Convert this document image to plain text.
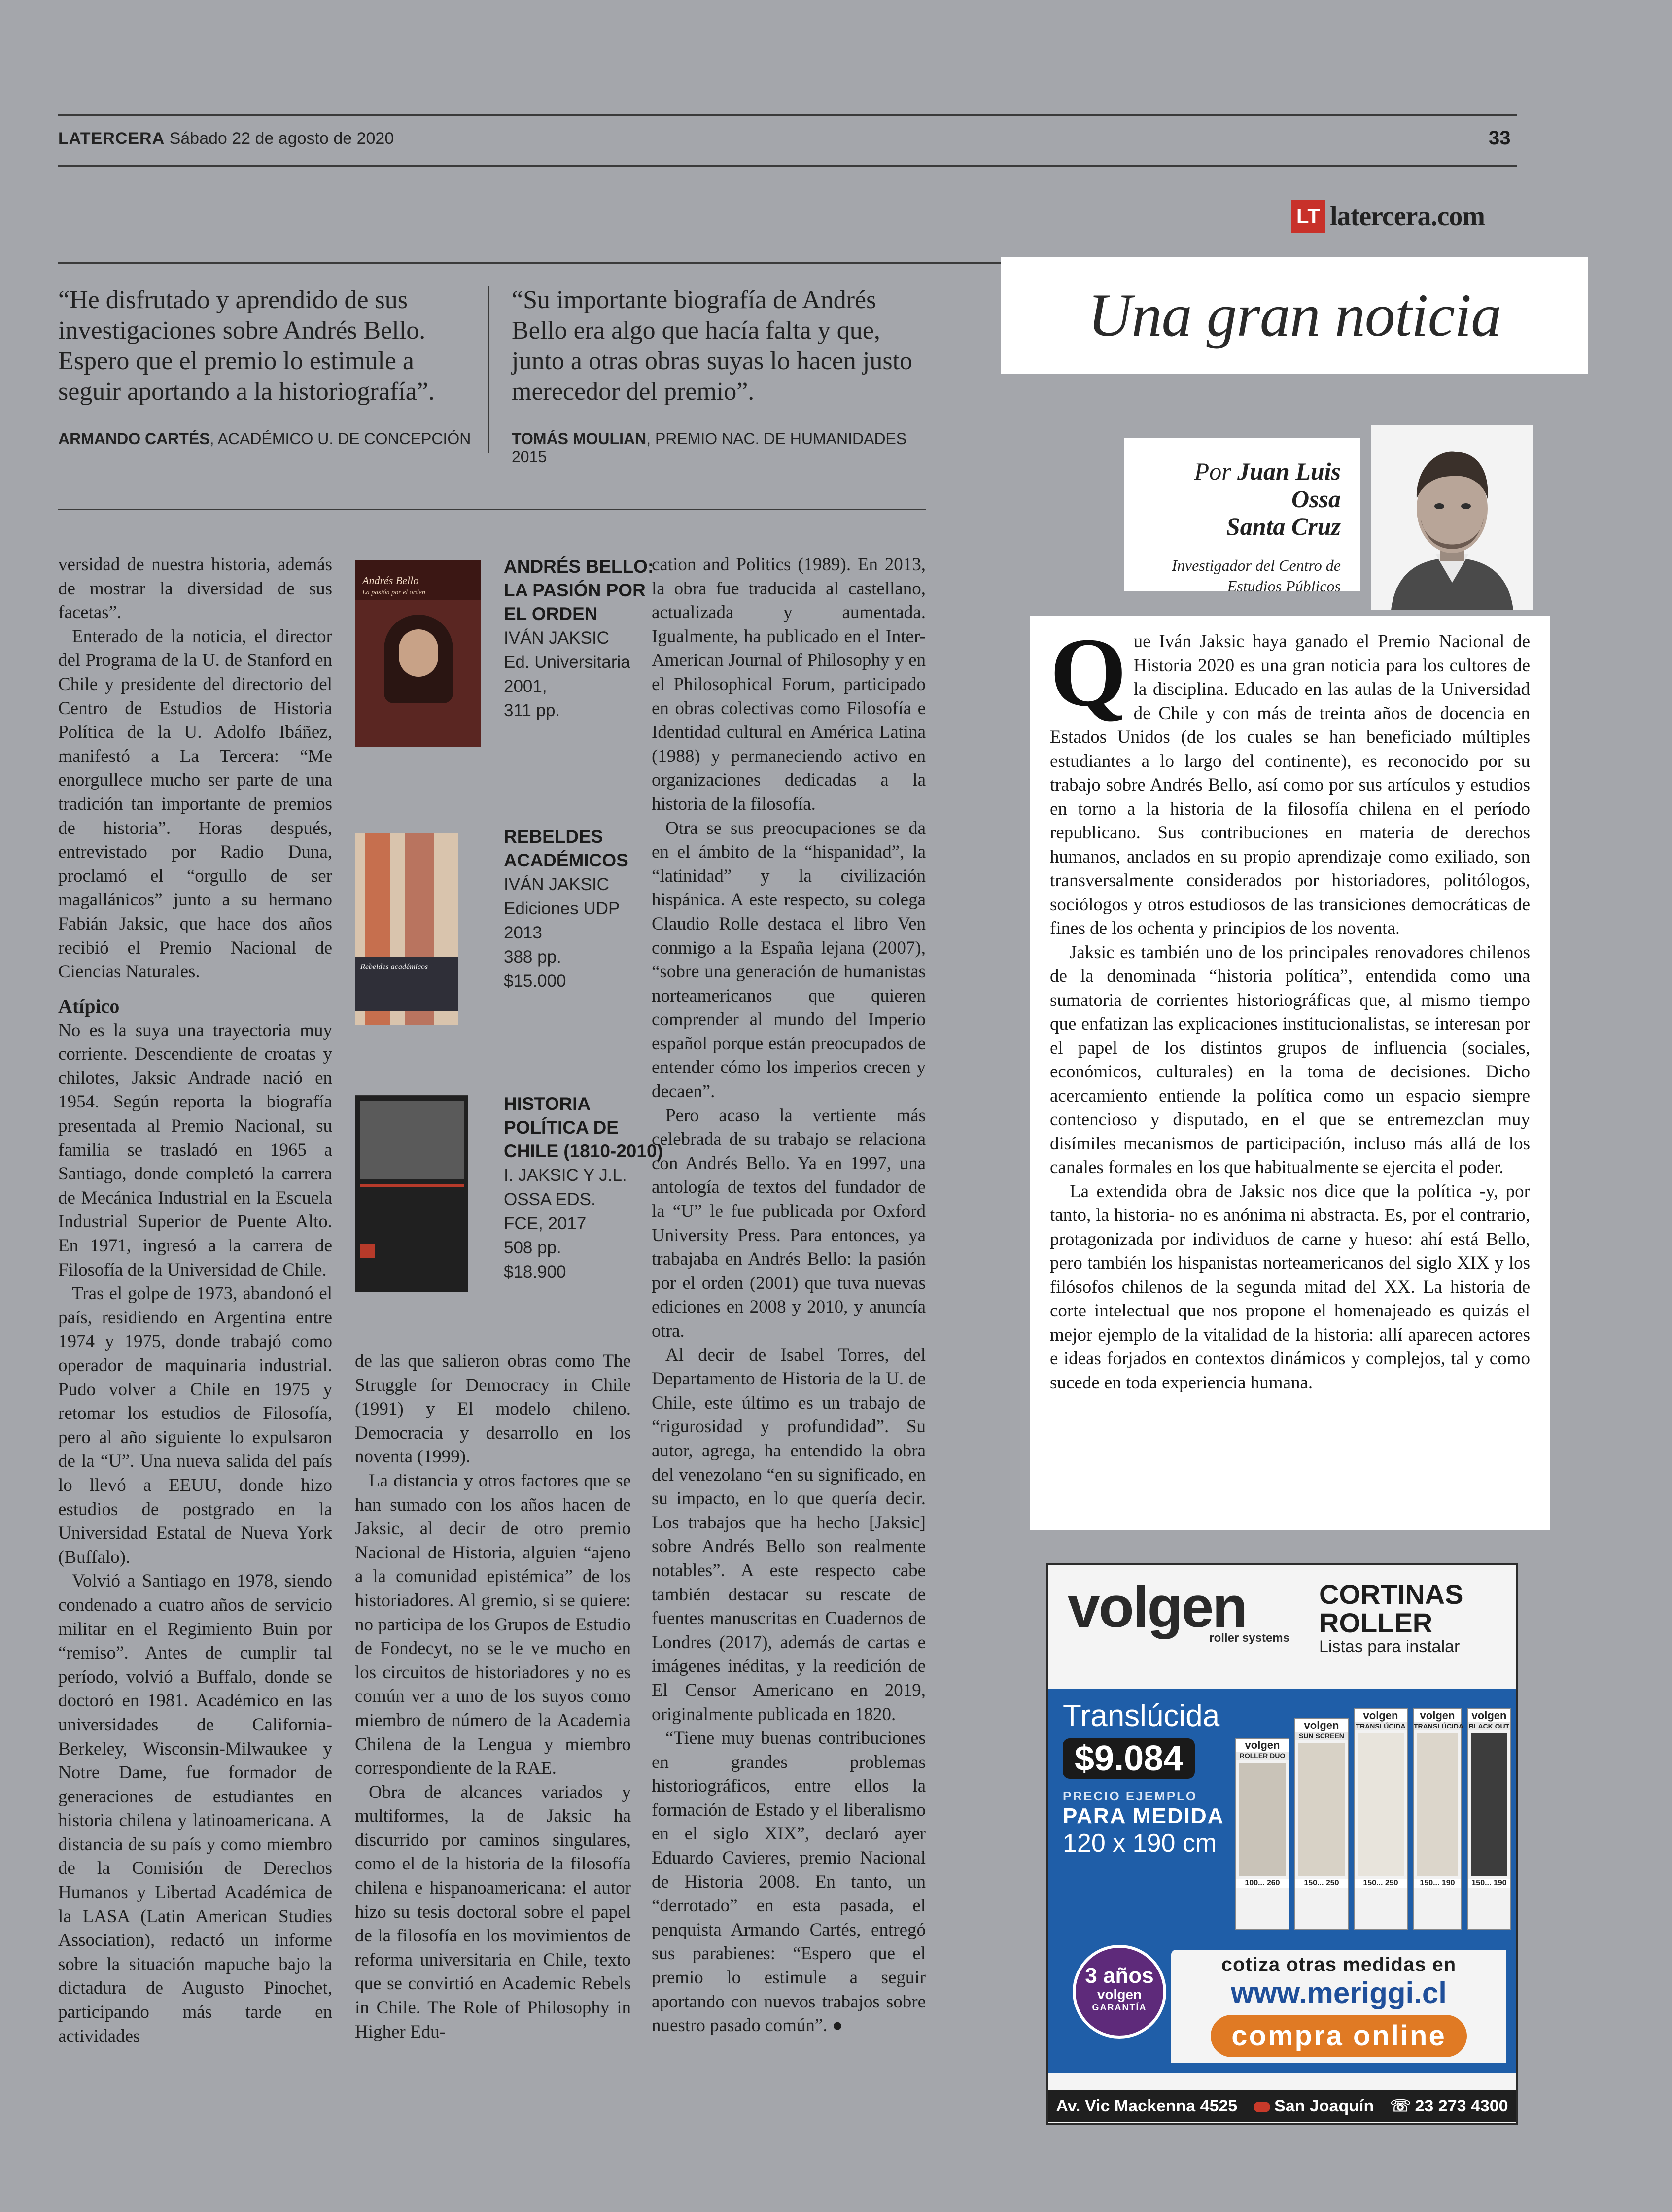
LATERCERA Sábado 22 de agosto de 2020	33
LT latercera.com
“He disfrutado y aprendido de sus investigaciones sobre Andrés Bello. Espero que el premio lo estimule a seguir aportando a la historiografía”.
ARMANDO CARTÉS, ACADÉMICO U. DE CONCEPCIÓN
“Su importante biografía de Andrés Bello era algo que hacía falta y que, junto a otras obras suyas lo hacen justo merecedor del premio”.
TOMÁS MOULIAN, PREMIO NAC. DE HUMANIDADES 2015

versidad de nuestra historia, además de mostrar la diversidad de sus facetas”.

Enterado de la noticia, el director del Programa de la U. de Stanford en Chile y presidente del directorio del Centro de Estudios de Historia Política de la U. Adolfo Ibáñez, manifestó a La Tercera: “Me enorgullece mucho ser parte de una tradición tan importante de premios de historia”. Horas después, entrevistado por Radio Duna, proclamó el “orgullo de ser magallánicos” junto a su hermano Fabián Jaksic, que hace dos años recibió el Premio Nacional de Ciencias Naturales.

Atípico

No es la suya una trayectoria muy corriente. Descendiente de croatas y chilotes, Jaksic Andrade nació en 1954. Según reporta la biografía presentada al Premio Nacional, su familia se trasladó en 1965 a Santiago, donde completó la carrera de Mecánica Industrial en la Escuela Industrial Superior de Puente Alto. En 1971, ingresó a la carrera de Filosofía de la Universidad de Chile.

Tras el golpe de 1973, abandonó el país, residiendo en Argentina entre 1974 y 1975, donde trabajó como operador de maquinaria industrial. Pudo volver a Chile en 1975 y retomar los estudios de Filosofía, pero al año siguiente lo expulsaron de la “U”. Una nueva salida del país lo llevó a EEUU, donde hizo estudios de postgrado en la Universidad Estatal de Nueva York (Buffalo).

Volvió a Santiago en 1978, siendo condenado a cuatro años de servicio militar en el Regimiento Buin por “remiso”. Antes de cumplir tal período, volvió a Buffalo, donde se doctoró en 1981. Académico en las universidades de California-Berkeley, Wisconsin-Milwaukee y Notre Dame, fue formador de generaciones de estudiantes en historia chilena y latinoamericana. A distancia de su país y como miembro de la Comisión de Derechos Humanos y Libertad Académica de la LASA (Latin American Studies Association), redactó un informe sobre la situación mapuche bajo la dictadura de Augusto Pinochet, participando más tarde en actividades

Andrés Bello
La pasión por el orden
ANDRÉS BELLO: LA PASIÓN POR EL ORDEN
IVÁN JAKSIC
Ed. Universitaria
2001,
311 pp.
Rebeldes académicos
REBELDES ACADÉMICOS
IVÁN JAKSIC
Ediciones UDP
2013
388 pp.
$15.000
HISTORIA POLÍTICA DE CHILE (1810-2010)
I. JAKSIC Y J.L. OSSA EDS.
FCE, 2017
508 pp.
$18.900

de las que salieron obras como The Struggle for Democracy in Chile (1991) y El modelo chileno. Democracia y desarrollo en los noventa (1999).

La distancia y otros factores que se han sumado con los años hacen de Jaksic, al decir de otro premio Nacional de Historia, alguien “ajeno a la comunidad epistémica” de los historiadores. Al gremio, si se quiere: no participa de los Grupos de Estudio de Fondecyt, no se le ve mucho en los circuitos de historiadores y no es común ver a uno de los suyos como miembro de número de la Academia Chilena de la Lengua y miembro correspondiente de la RAE.

Obra de alcances variados y multiformes, la de Jaksic ha discurrido por caminos singulares, como el de la historia de la filosofía chilena e hispanoamericana: el autor hizo su tesis doctoral sobre el papel de la filosofía en los movimientos de reforma universitaria en Chile, texto que se convirtió en Academic Rebels in Chile. The Role of Philosophy in Higher Edu-

cation and Politics (1989). En 2013, la obra fue traducida al castellano, actualizada y aumentada. Igualmente, ha publicado en el Inter-American Journal of Philosophy y en el Philosophical Forum, participado en obras colectivas como Filosofía e Identidad cultural en América Latina (1988) y permaneciendo activo en organizaciones dedicadas a la historia de la filosofía.

Otra se sus preocupaciones se da en el ámbito de la “hispanidad”, la “latinidad” y la civilización hispánica. A este respecto, su colega Claudio Rolle destaca el libro Ven conmigo a la España lejana (2007), “sobre una generación de humanistas norteamericanos que quieren comprender al mundo del Imperio español porque están preocupados de entender cómo los imperios crecen y decaen”.

Pero acaso la vertiente más celebrada de su trabajo se relaciona con Andrés Bello. Ya en 1997, una antología de textos del fundador de la “U” le fue publicada por Oxford University Press. Para entonces, ya trabajaba en Andrés Bello: la pasión por el orden (2001) que tuva nuevas ediciones en 2008 y 2010, y anuncía otra.

Al decir de Isabel Torres, del Departamento de Historia de la U. de Chile, este último es un trabajo de “rigurosidad y profundidad”. Su autor, agrega, ha entendido la obra del venezolano “en su significado, en su impacto, en lo que quería decir. Los trabajos que ha hecho [Jaksic] sobre Andrés Bello son realmente notables”. A este respecto cabe también destacar su rescate de fuentes manuscritas en Cuadernos de Londres (2017), además de cartas e imágenes inéditas, y la reedición de El Censor Americano en 2019, originalmente publicada en 1820.

“Tiene muy buenas contribuciones en grandes problemas historiográficos, entre ellos la formación de Estado y el liberalismo en el siglo XIX”, declaró ayer Eduardo Cavieres, premio Nacional de Historia 2008. En tanto, un “derrotado” en esta pasada, el penquista Armando Cartés, entregó sus parabienes: “Espero que el premio lo estimule a seguir aportando con nuevos trabajos sobre nuestro pasado común”. ●

Una gran noticia
Por Juan Luis Ossa
Santa Cruz
Investigador del Centro de Estudios Públicos

Que Iván Jaksic haya ganado el Premio Nacional de Historia 2020 es una gran noticia para los cultores de la disciplina. Educado en las aulas de la Universidad de Chile y con más de treinta años de docencia en Estados Unidos (de los cuales se han beneficiado múltiples estudiantes a lo largo del continente), es reconocido por su trabajo sobre Andrés Bello, así como por sus artículos y estudios en torno a la historia de la filosofía chilena en el período republicano. Sus contribuciones en materia de derechos humanos, anclados en su propio aprendizaje como exiliado, son transversalmente considerados por historiadores, politólogos, sociólogos y otros estudiosos de las transiciones democráticas de fines de los ochenta y principios de los noventa.

Jaksic es también uno de los principales renovadores chilenos de la denominada “historia política”, entendida como una sumatoria de corrientes historiográficas que, al mismo tiempo que enfatizan las explicaciones institucionalistas, se interesan por el papel de los distintos grupos de influencia (sociales, económicos, culturales) en la toma de decisiones. Dicho acercamiento entiende la política como un espacio siempre contencioso y disputado, en el que se entremezclan muy disímiles mecanismos de participación, incluso más allá de los canales formales en los que habitualmente se ejercita el poder.

La extendida obra de Jaksic nos dice que la política -y, por tanto, la historia- no es anónima ni abstracta. Es, por el contrario, protagonizada por individuos de carne y hueso: ahí está Bello, pero también los hispanistas norteamericanos del siglo XIX y los filósofos chilenos de la segunda mitad del XX. La historia de corte intelectual que nos propone el homenajeado es quizás el mejor ejemplo de la vitalidad de la historia: allí aparecen actores e ideas forjados en contextos dinámicos y complejos, tal y como sucede en toda experiencia humana.

volgen
roller systems
CORTINAS ROLLER
Listas para instalar
Translúcida
$9.084
PRECIO EJEMPLO
PARA MEDIDA
120 x 190 cm
volgen
ROLLER DUO
100... 260
volgen
SUN SCREEN
150... 250
volgen
TRANSLÚCIDA
150... 250
volgen
TRANSLÚCIDA
150... 190
volgen
BLACK OUT
150... 190
3 años
volgen
GARANTÍA
cotiza otras medidas en
www.meriggi.cl
compra online
Av. Vic Mackenna 4525	San Joaquín ☏ 23 273 4300
